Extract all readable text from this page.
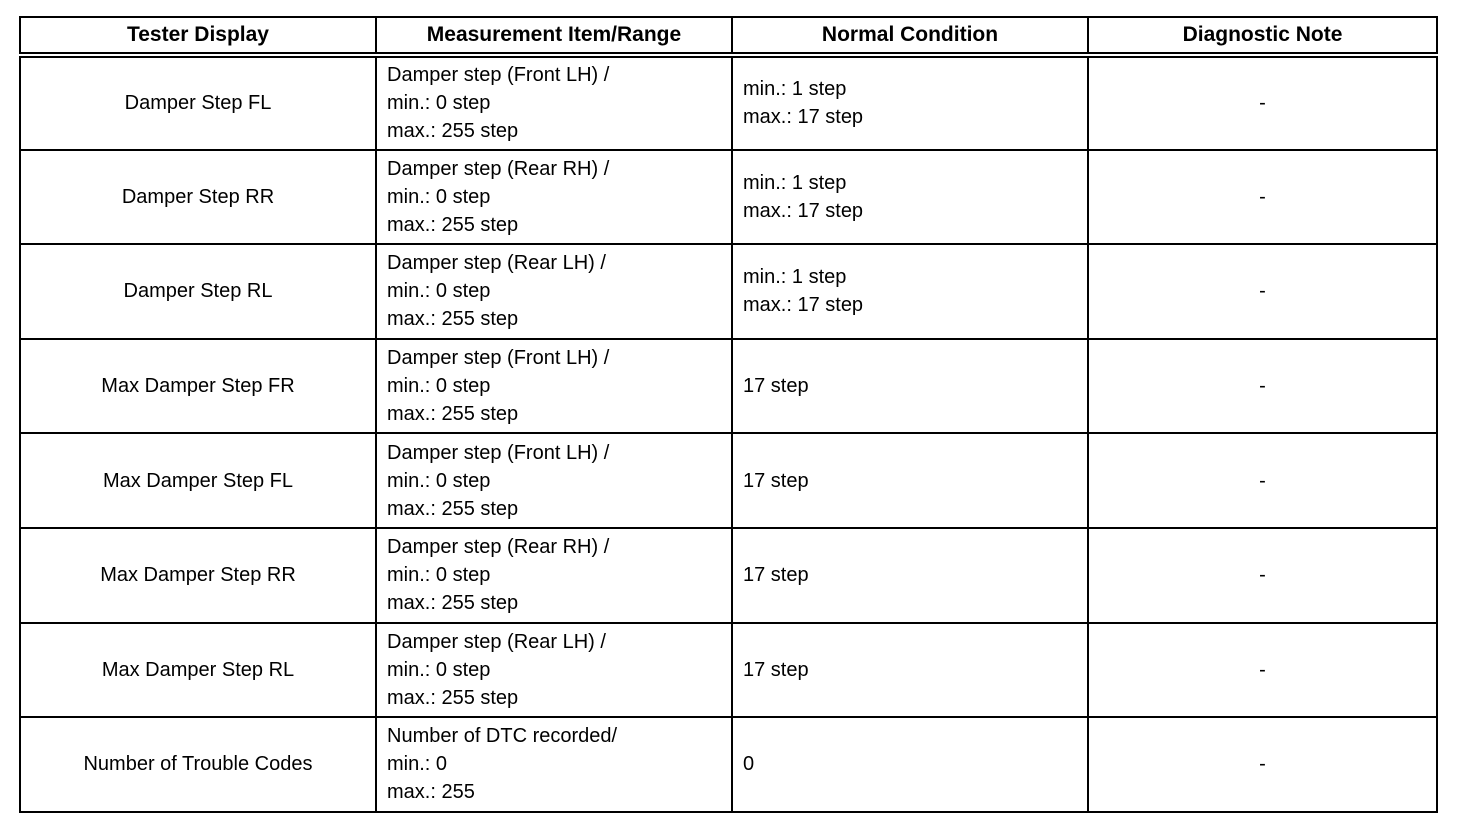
Tester Display	Measurement Item/Range	Normal Condition	Diagnostic Note
Damper Step FL	Damper step (Front LH) /
min.: 0 step
max.: 255 step	min.: 1 step
max.: 17 step	-
Damper Step RR	Damper step (Rear RH) /
min.: 0 step
max.: 255 step	min.: 1 step
max.: 17 step	-
Damper Step RL	Damper step (Rear LH) /
min.: 0 step
max.: 255 step	min.: 1 step
max.: 17 step	-
Max Damper Step FR	Damper step (Front LH) /
min.: 0 step
max.: 255 step	17 step	-
Max Damper Step FL	Damper step (Front LH) /
min.: 0 step
max.: 255 step	17 step	-
Max Damper Step RR	Damper step (Rear RH) /
min.: 0 step
max.: 255 step	17 step	-
Max Damper Step RL	Damper step (Rear LH) /
min.: 0 step
max.: 255 step	17 step	-
Number of Trouble Codes	Number of DTC recorded/
min.: 0
max.: 255	0	-
